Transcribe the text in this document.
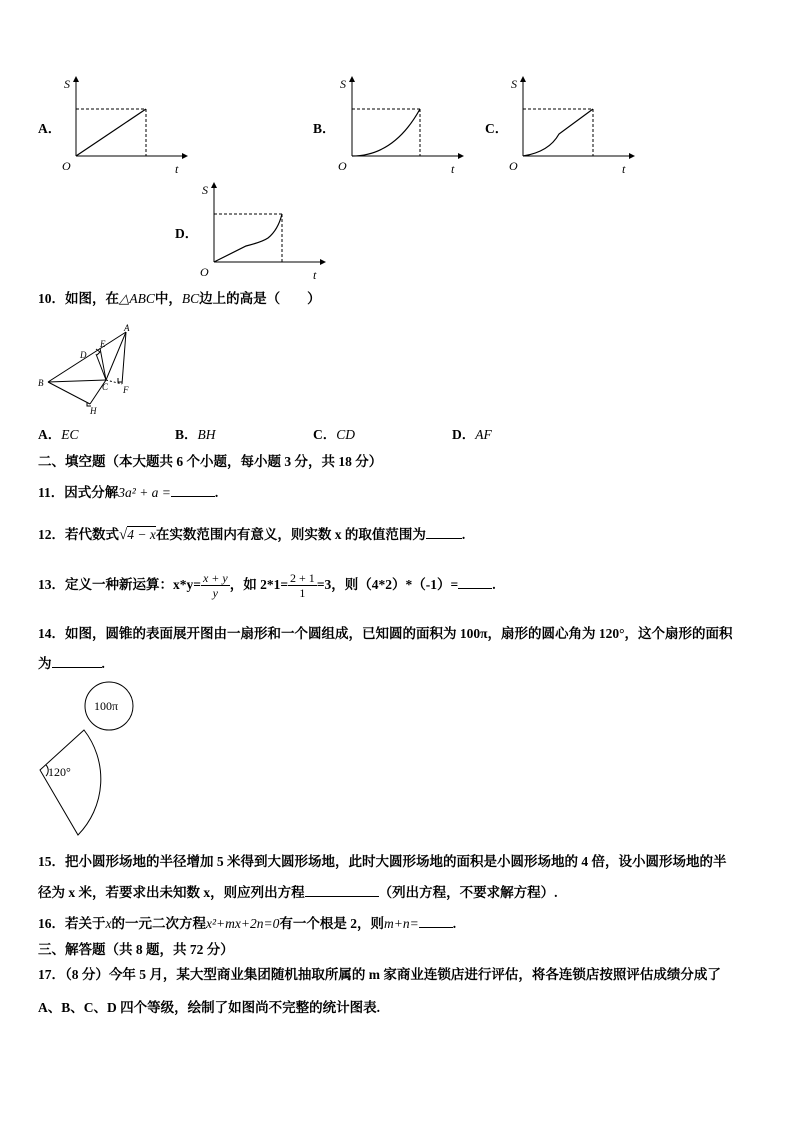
A．
S
O	t
B．
S
O	t
C．
S
O	t
D．
S
O	t
10．如图，在△ABC中，BC边上的高是（　　）
B
A
C
D
E
F
H
A．EC	B．BH	C．CD	D．AF
二、填空题（本大题共 6 个小题，每小题 3 分，共 18 分）
11．因式分解3a² + a =	.
12．若代数式√4 − x在实数范围内有意义，则实数 x 的取值范围为	.
13．定义一种新运算：$x*y= \frac{x + y}{y}$ ，如 $2*1= \frac{2 + 1}{1} =3$，则（4*2）*（-1）=	.
14．如图，圆锥的表面展开图由一扇形和一个圆组成，已知圆的面积为 100π，扇形的圆心角为 120°，这个扇形的面积
为	.
100π
120°
15．把小圆形场地的半径增加 5 米得到大圆形场地，此时大圆形场地的面积是小圆形场地的 4 倍，设小圆形场地的半
径为 x 米，若要求出未知数 x，则应列出方程	（列出方程，不要求解方程）.
16．若关于x的一元二次方程x²+mx+2n=0有一个根是 2，则m+n=	.
三、解答题（共 8 题，共 72 分）
17．（8 分）今年 5 月，某大型商业集团随机抽取所属的 m 家商业连锁店进行评估，将各连锁店按照评估成绩分成了
A、B、C、D 四个等级，绘制了如图尚不完整的统计图表.
